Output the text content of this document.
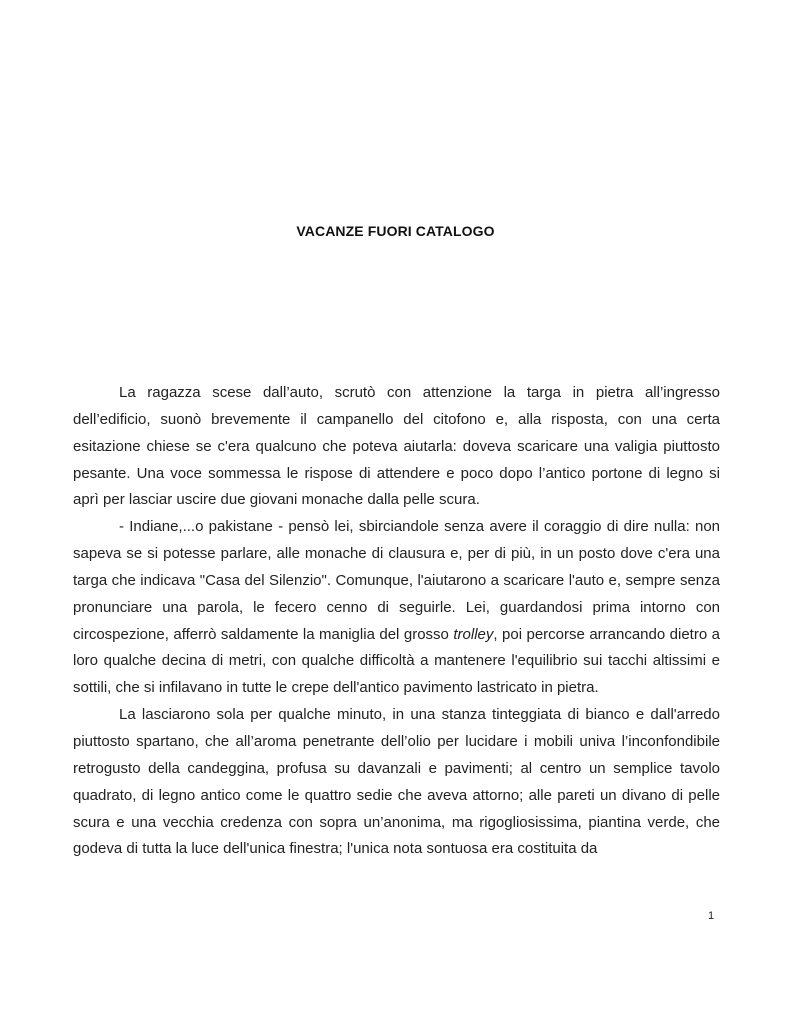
VACANZE FUORI CATALOGO

La ragazza scese dall’auto, scrutò con attenzione la targa in pietra all’ingresso dell’edificio, suonò brevemente il campanello del citofono e, alla risposta, con una certa esitazione chiese se c'era qualcuno che poteva aiutarla: doveva scaricare una valigia piuttosto pesante. Una voce sommessa le rispose di attendere e poco dopo l’antico portone di legno si aprì per lasciar uscire due giovani monache dalla pelle scura.

- Indiane,...o pakistane - pensò lei, sbirciandole senza avere il coraggio di dire nulla: non sapeva se si potesse parlare, alle monache di clausura e, per di più, in un posto dove c'era una targa che indicava "Casa del Silenzio". Comunque, l'aiutarono a scaricare l'auto e, sempre senza pronunciare una parola, le fecero cenno di seguirle. Lei, guardandosi prima intorno con circospezione, afferrò saldamente la maniglia del grosso trolley, poi percorse arrancando dietro a loro qualche decina di metri, con qualche difficoltà a mantenere l'equilibrio sui tacchi altissimi e sottili, che si infilavano in tutte le crepe dell'antico pavimento lastricato in pietra.

La lasciarono sola per qualche minuto, in una stanza tinteggiata di bianco e dall'arredo piuttosto spartano, che all’aroma penetrante dell’olio per lucidare i mobili univa l’inconfondibile retrogusto della candeggina, profusa su davanzali e pavimenti; al centro un semplice tavolo quadrato, di legno antico come le quattro sedie che aveva attorno; alle pareti un divano di pelle scura e una vecchia credenza con sopra un’anonima, ma rigogliosissima, piantina verde, che godeva di tutta la luce dell'unica finestra; l'unica nota sontuosa era costituita da

1
